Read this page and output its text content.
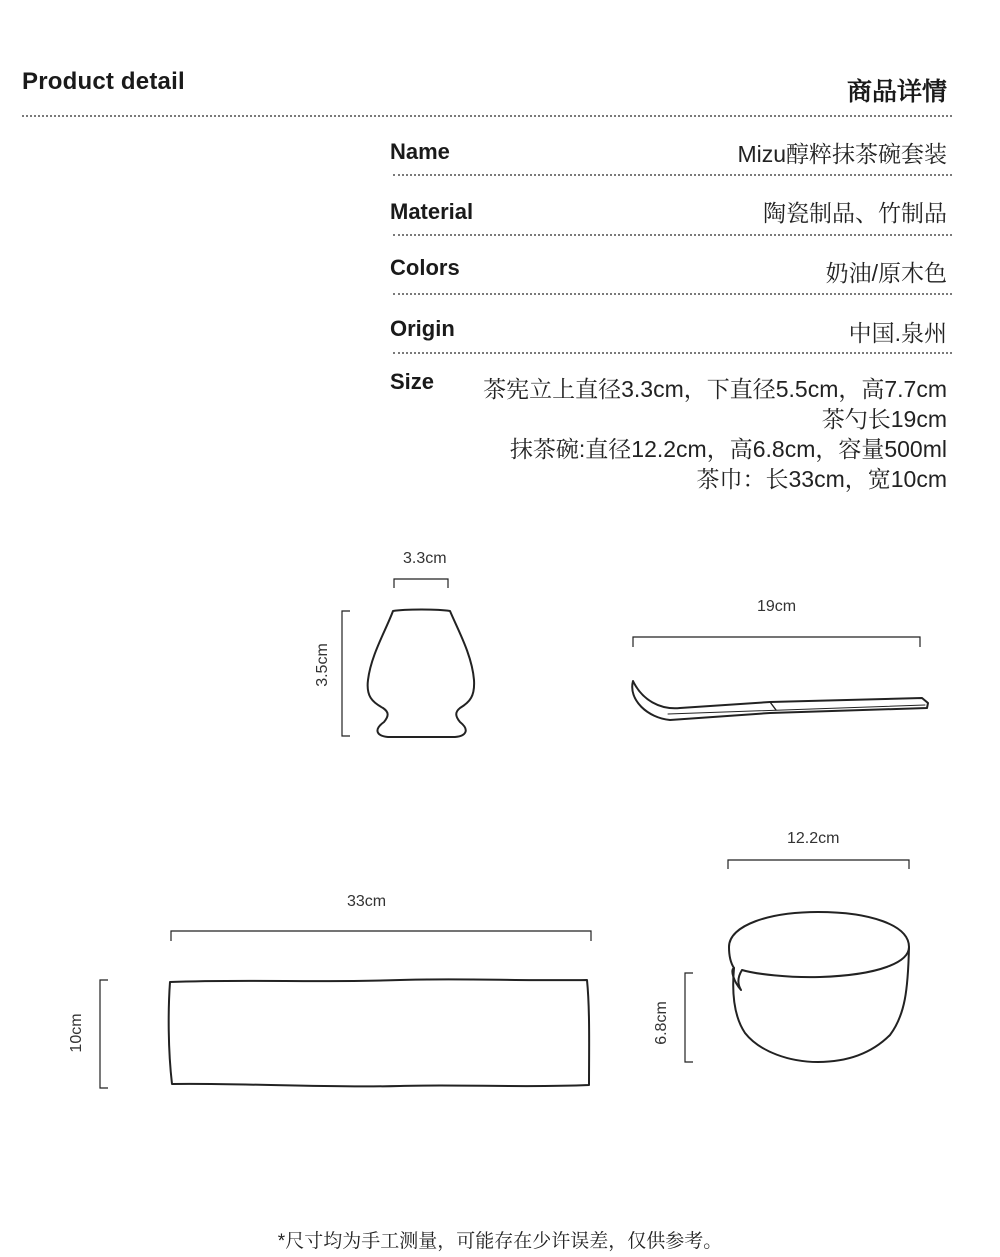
Product detail	商品详情
Name	Mizu醇粹抹茶碗套装
Material	陶瓷制品、竹制品
Colors	奶油/原木色
Origin	中国.泉州
Size 茶宪立上直径3.3cm，下直径5.5cm，高7.7cm
茶勺长19cm
抹茶碗:直径12.2cm，高6.8cm，容量500ml
茶巾：长33cm，宽10cm
3.3cm
3.5cm
19cm
12.2cm
6.8cm
33cm
10cm
*尺寸均为手工测量，可能存在少许误差，仅供参考。
